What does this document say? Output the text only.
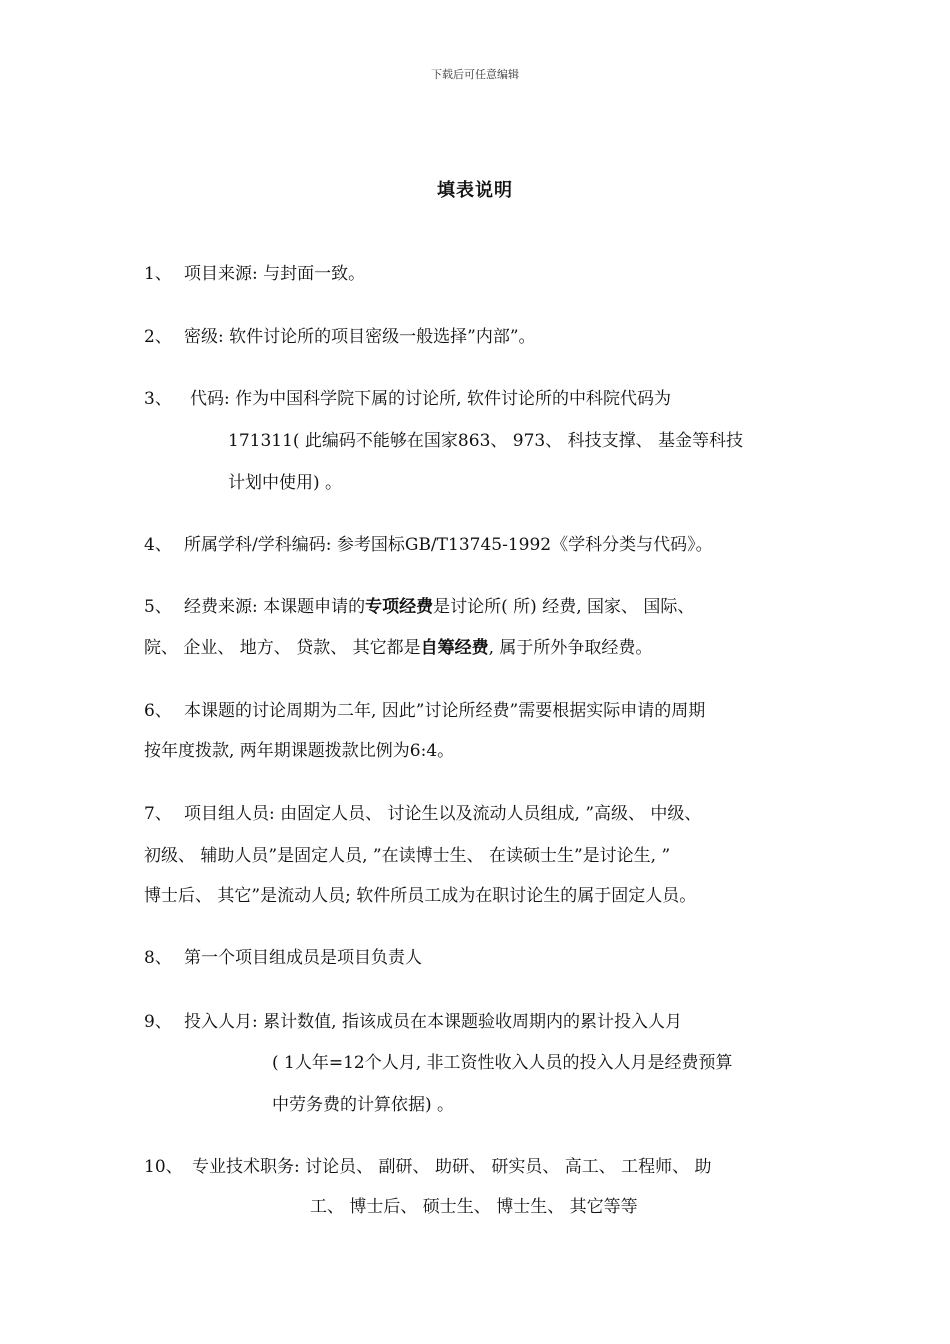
下载后可任意编辑
填表说明
1、 项目来源: 与封面一致。
2、 密级: 软件讨论所的项目密级一般选择”内部”。
3、 代码: 作为中国科学院下属的讨论所, 软件讨论所的中科院代码为
171311( 此编码不能够在国家863、 973、 科技支撑、 基金等科技
计划中使用) 。
4、 所属学科/学科编码: 参考国标GB/T13745-1992《学科分类与代码》。
5、 经费来源: 本课题申请的专项经费是讨论所( 所) 经费, 国家、 国际、
院、 企业、 地方、 贷款、 其它都是自筹经费, 属于所外争取经费。
6、 本课题的讨论周期为二年, 因此”讨论所经费”需要根据实际申请的周期
按年度拨款, 两年期课题拨款比例为6:4。
7、 项目组人员: 由固定人员、 讨论生以及流动人员组成, ”高级、 中级、
初级、 辅助人员”是固定人员, ”在读博士生、 在读硕士生”是讨论生, ”
博士后、 其它”是流动人员; 软件所员工成为在职讨论生的属于固定人员。
8、 第一个项目组成员是项目负责人
9、 投入人月: 累计数值, 指该成员在本课题验收周期内的累计投入人月
( 1人年=12个人月, 非工资性收入人员的投入人月是经费预算
中劳务费的计算依据) 。
10、 专业技术职务: 讨论员、 副研、 助研、 研实员、 高工、 工程师、 助
工、 博士后、 硕士生、 博士生、 其它等等
